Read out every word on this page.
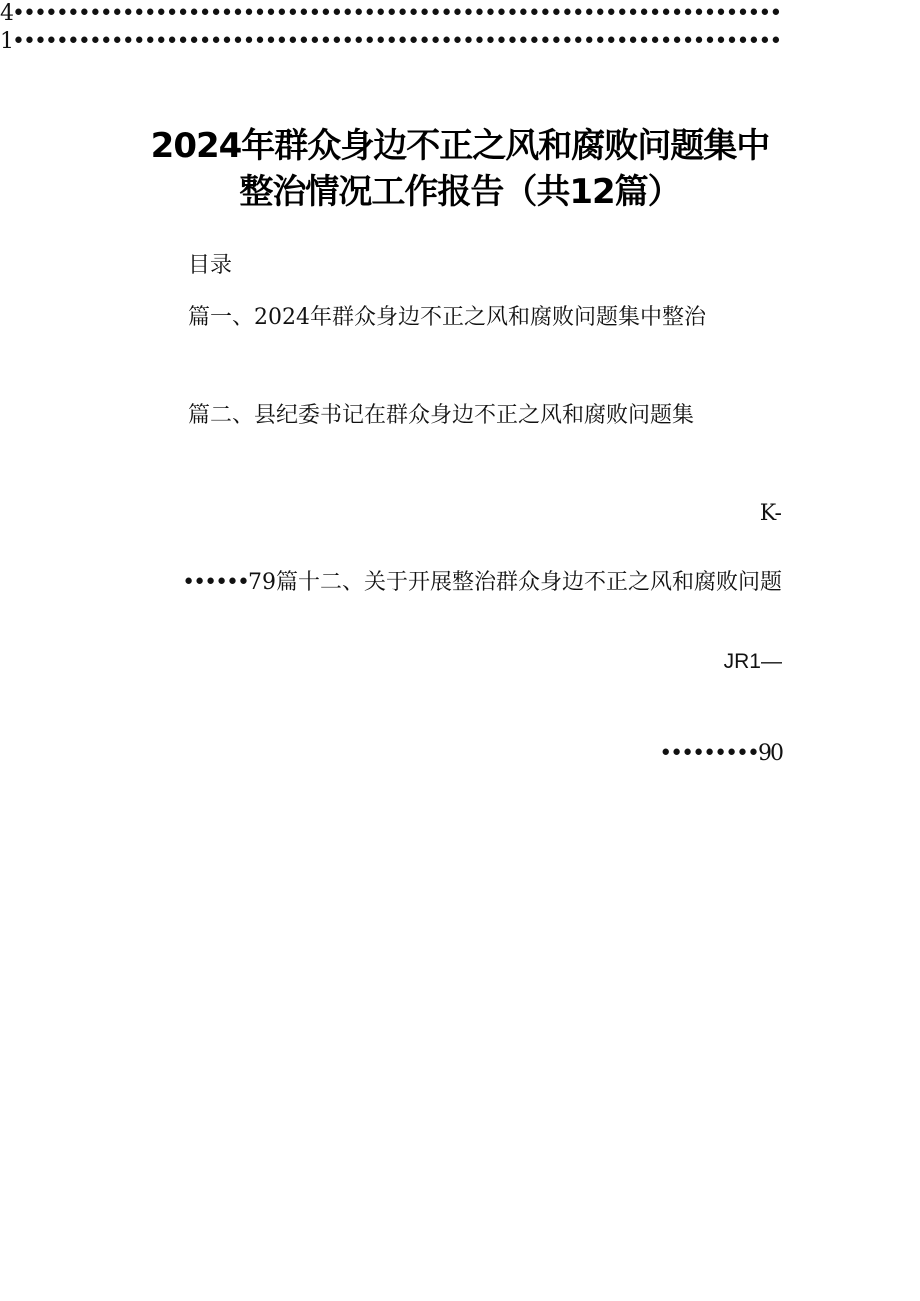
2024年群众身边不正之风和腐败问题集中
整治情况工作报告（共12篇）
目录
篇一、2024年群众身边不正之风和腐败问题集中整治
篇二、县纪委书记在群众身边不正之风和腐败问题集
K-
4••••••••••••••••••••••••••••••••••••••••••••••••••••••••••••••••••••••
••••••79篇十二、关于开展整治群众身边不正之风和腐败问题
JR1—
1••••••••••••••••••••••••••••••••••••••••••••••••••••••••••••••••••••••
•••••••••90
